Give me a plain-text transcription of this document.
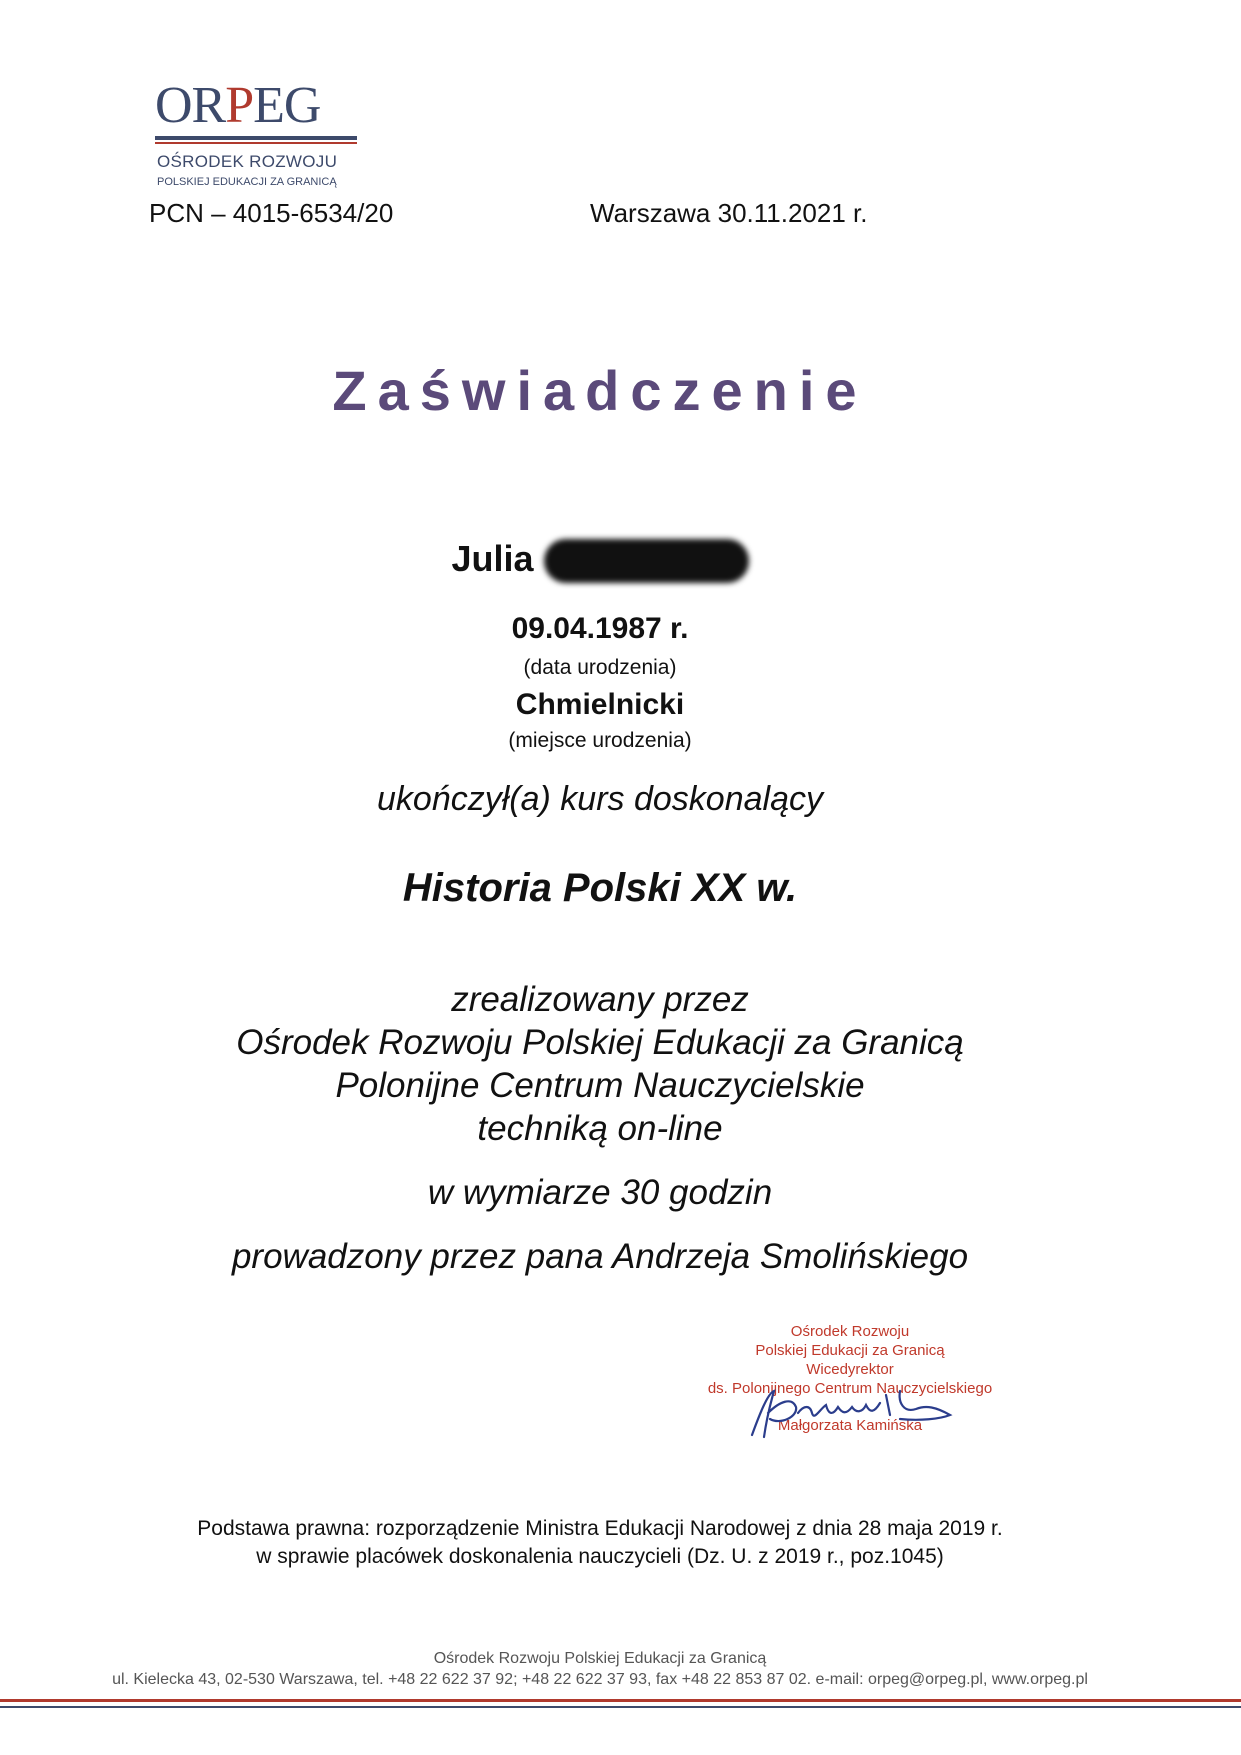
ORPEG
OŚRODEK ROZWOJU
POLSKIEJ EDUKACJI ZA GRANICĄ
PCN – 4015-6534/20	Warszawa 30.11.2021 r.
Zaświadczenie
Julia
09.04.1987 r.
(data urodzenia)
Chmielnicki
(miejsce urodzenia)
ukończył(a) kurs doskonalący
Historia Polski XX w.
zrealizowany przez
Ośrodek Rozwoju Polskiej Edukacji za Granicą
Polonijne Centrum Nauczycielskie
techniką on-line
w wymiarze 30 godzin
prowadzony przez pana Andrzeja Smolińskiego
Ośrodek Rozwoju
Polskiej Edukacji za Granicą
Wicedyrektor
ds. Polonijnego Centrum Nauczycielskiego
Małgorzata Kamińska
Podstawa prawna: rozporządzenie Ministra Edukacji Narodowej z dnia 28 maja 2019 r.
w sprawie placówek doskonalenia nauczycieli (Dz. U. z 2019 r., poz.1045)
Ośrodek Rozwoju Polskiej Edukacji za Granicą
ul. Kielecka 43, 02-530 Warszawa, tel. +48 22 622 37 92; +48 22 622 37 93, fax +48 22 853 87 02. e-mail: orpeg@orpeg.pl, www.orpeg.pl
